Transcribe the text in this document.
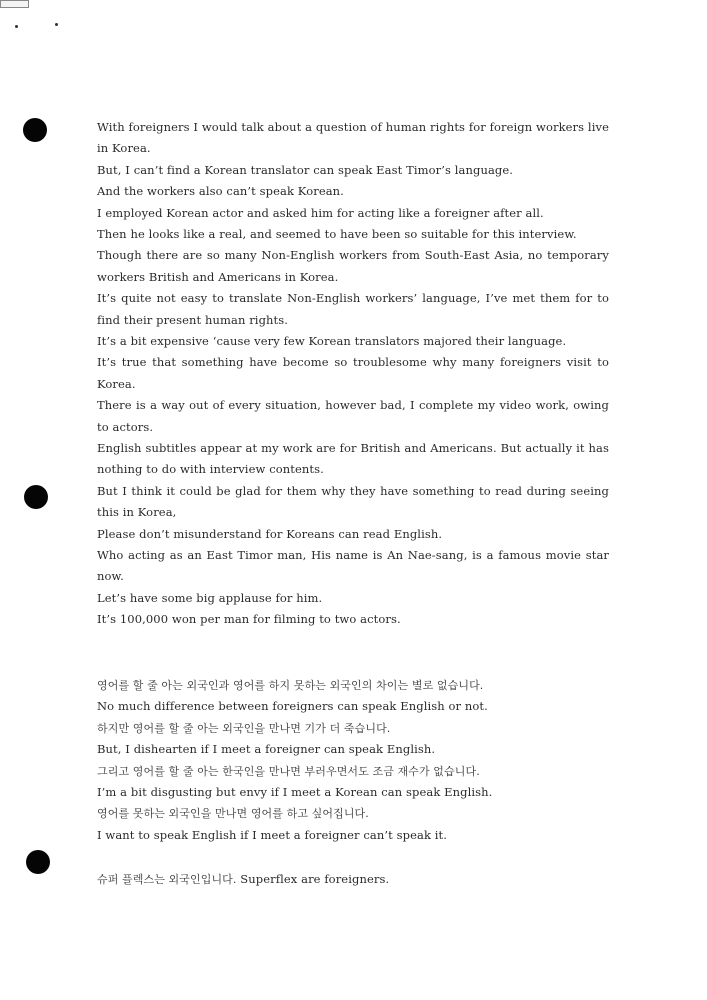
With foreigners I would talk about a question of human rights for foreign workers live in Korea.
But, I can’t find a Korean translator can speak East Timor’s language.
And the workers also can’t speak Korean.
I employed Korean actor and asked him for acting like a foreigner after all.
Then he looks like a real, and seemed to have been so suitable for this interview.
Though there are so many Non-English workers from South-East Asia, no temporary workers British and Americans in Korea.
It’s quite not easy to translate Non-English workers’ language, I’ve met them for to find their present human rights.
It’s a bit expensive ‘cause very few Korean translators majored their language.
It’s true that something have become so troublesome why many foreigners visit to Korea.
There is a way out of every situation, however bad, I complete my video work, owing to actors.
English subtitles appear at my work are for British and Americans. But actually it has nothing to do with interview contents.
But I think it could be glad for them why they have something to read during seeing this in Korea,
Please don’t misunderstand for Koreans can read English.
Who acting as an East Timor man, His name is An Nae-sang, is a famous movie star now.
Let’s have some big applause for him.
It’s 100,000 won per man for filming to two actors.
영어를 할 줄 아는 외국인과 영어를 하지 못하는 외국인의 차이는 별로 없습니다.
No much difference between foreigners can speak English or not.
하지만 영어를 할 줄 아는 외국인을 만나면 기가 더 죽습니다.
But, I dishearten if I meet a foreigner can speak English.
그리고 영어를 할 줄 아는 한국인을 만나면 부러우면서도 조금 재수가 없습니다.
I’m a bit disgusting but envy if I meet a Korean can speak English.
영어를 못하는 외국인을 만나면 영어를 하고 싶어집니다.
I want to speak English if I meet a foreigner can’t speak it.
슈퍼 플렉스는 외국인입니다. Superflex are foreigners.
